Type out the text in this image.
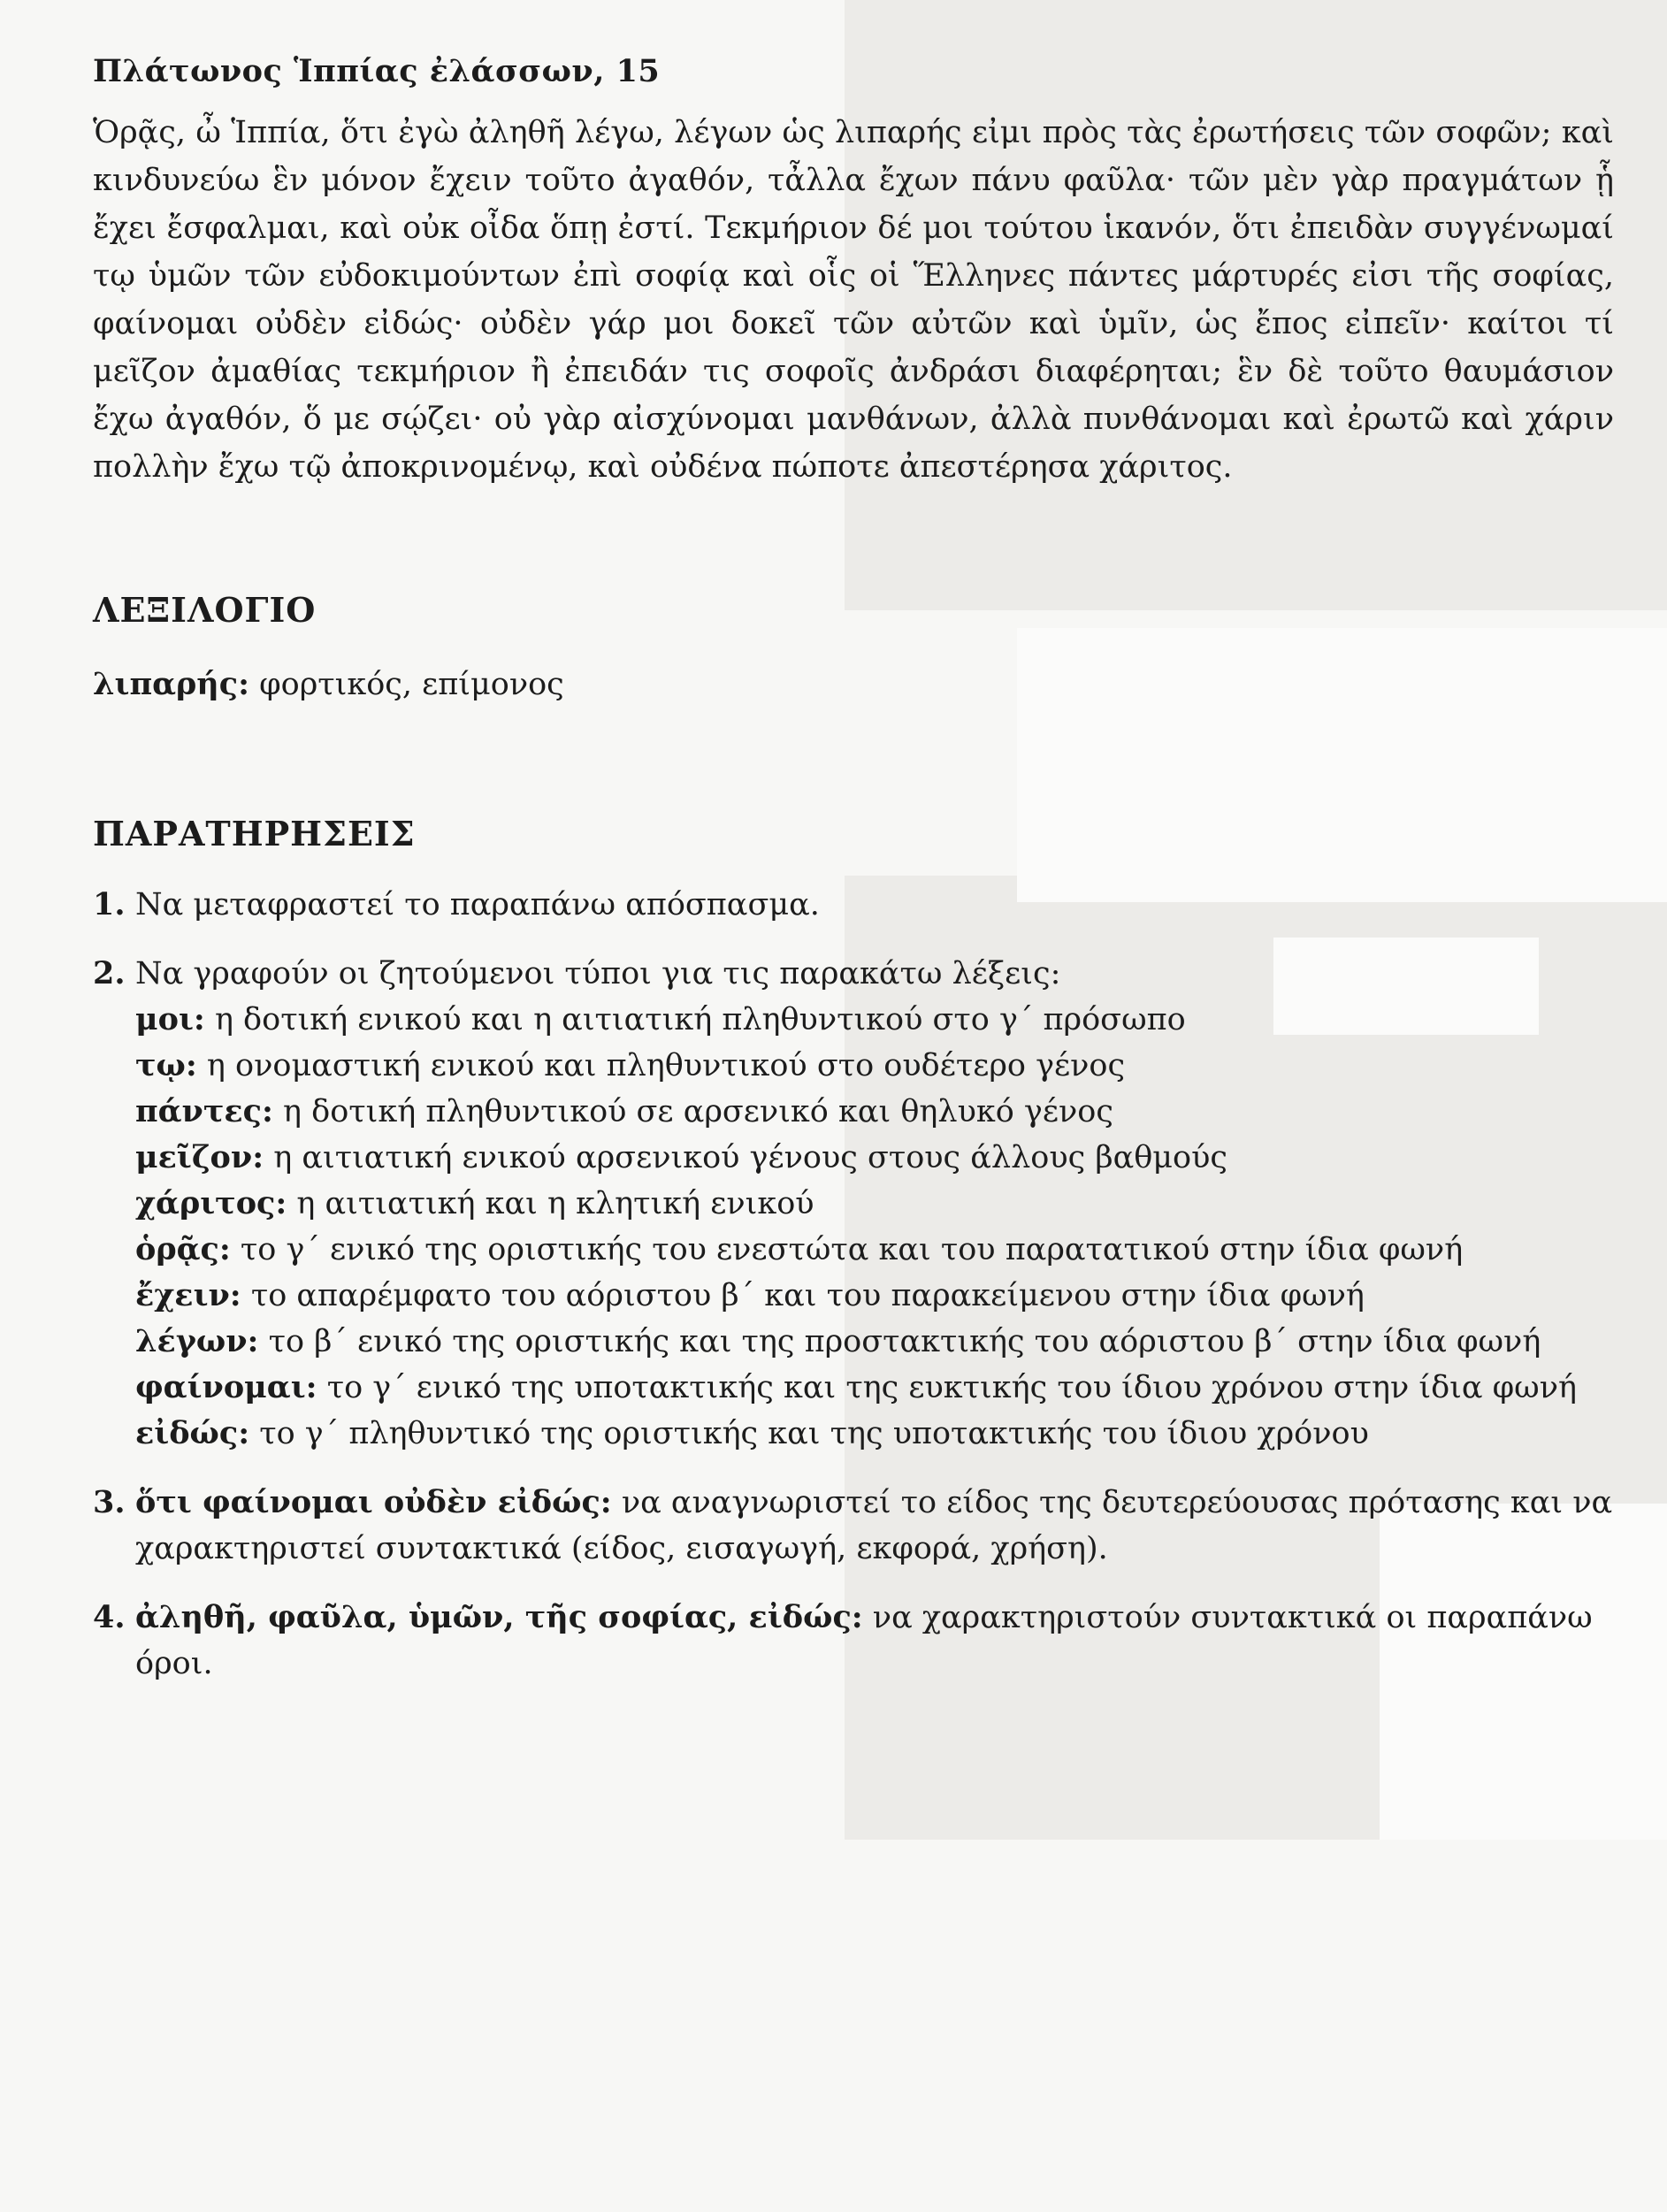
Πλάτωνος Ἱππίας ἐλάσσων, 15

Ὁρᾷς, ὦ Ἱππία, ὅτι ἐγὼ ἀληθῆ λέγω, λέγων ὡς λιπαρής εἰμι πρὸς τὰς ἐρωτήσεις τῶν σοφῶν; καὶ κινδυνεύω ἓν μόνον ἔχειν τοῦτο ἀγαθόν, τἆλλα ἔχων πάνυ φαῦλα· τῶν μὲν γὰρ πραγμάτων ᾗ ἔχει ἔσφαλμαι, καὶ οὐκ οἶδα ὅπῃ ἐστί. Τεκμήριον δέ μοι τούτου ἱκανόν, ὅτι ἐπειδὰν συγγένωμαί τῳ ὑμῶν τῶν εὐδοκιμούντων ἐπὶ σοφίᾳ καὶ οἷς οἱ Ἕλληνες πάντες μάρτυρές εἰσι τῆς σοφίας, φαίνομαι οὐδὲν εἰδώς· οὐδὲν γάρ μοι δοκεῖ τῶν αὐτῶν καὶ ὑμῖν, ὡς ἔπος εἰπεῖν· καίτοι τί μεῖζον ἀμαθίας τεκμήριον ἢ ἐπειδάν τις σοφοῖς ἀνδράσι διαφέρηται; ἓν δὲ τοῦτο θαυμάσιον ἔχω ἀγαθόν, ὅ με σῴζει· οὐ γὰρ αἰσχύνομαι μανθάνων, ἀλλὰ πυνθάνομαι καὶ ἐρωτῶ καὶ χάριν πολλὴν ἔχω τῷ ἀποκρινομένῳ, καὶ οὐδένα πώποτε ἀπεστέρησα χάριτος.

ΛΕΞΙΛΟΓΙΟ
λιπαρής: φορτικός, επίμονος
ΠΑΡΑΤΗΡΗΣΕΙΣ
1. Να μεταφραστεί το παραπάνω απόσπασμα.
2. Να γραφούν οι ζητούμενοι τύποι για τις παρακάτω λέξεις:
μοι: η δοτική ενικού και η αιτιατική πληθυντικού στο γ΄ πρόσωπο
τῳ: η ονομαστική ενικού και πληθυντικού στο ουδέτερο γένος
πάντες: η δοτική πληθυντικού σε αρσενικό και θηλυκό γένος
μεῖζον: η αιτιατική ενικού αρσενικού γένους στους άλλους βαθμούς
χάριτος: η αιτιατική και η κλητική ενικού
ὁρᾷς: το γ΄ ενικό της οριστικής του ενεστώτα και του παρατατικού στην ίδια φωνή
ἔχειν: το απαρέμφατο του αόριστου β΄ και του παρακείμενου στην ίδια φωνή
λέγων: το β΄ ενικό της οριστικής και της προστακτικής του αόριστου β΄ στην ίδια φωνή
φαίνομαι: το γ΄ ενικό της υποτακτικής και της ευκτικής του ίδιου χρόνου στην ίδια φωνή
εἰδώς: το γ΄ πληθυντικό της οριστικής και της υποτακτικής του ίδιου χρόνου
3. ὅτι φαίνομαι οὐδὲν εἰδώς: να αναγνωριστεί το είδος της δευτερεύουσας πρότασης και να χαρακτηριστεί συντακτικά (είδος, εισαγωγή, εκφορά, χρήση).
4. ἀληθῆ, φαῦλα, ὑμῶν, τῆς σοφίας, εἰδώς: να χαρακτηριστούν συντακτικά οι παραπάνω όροι.
